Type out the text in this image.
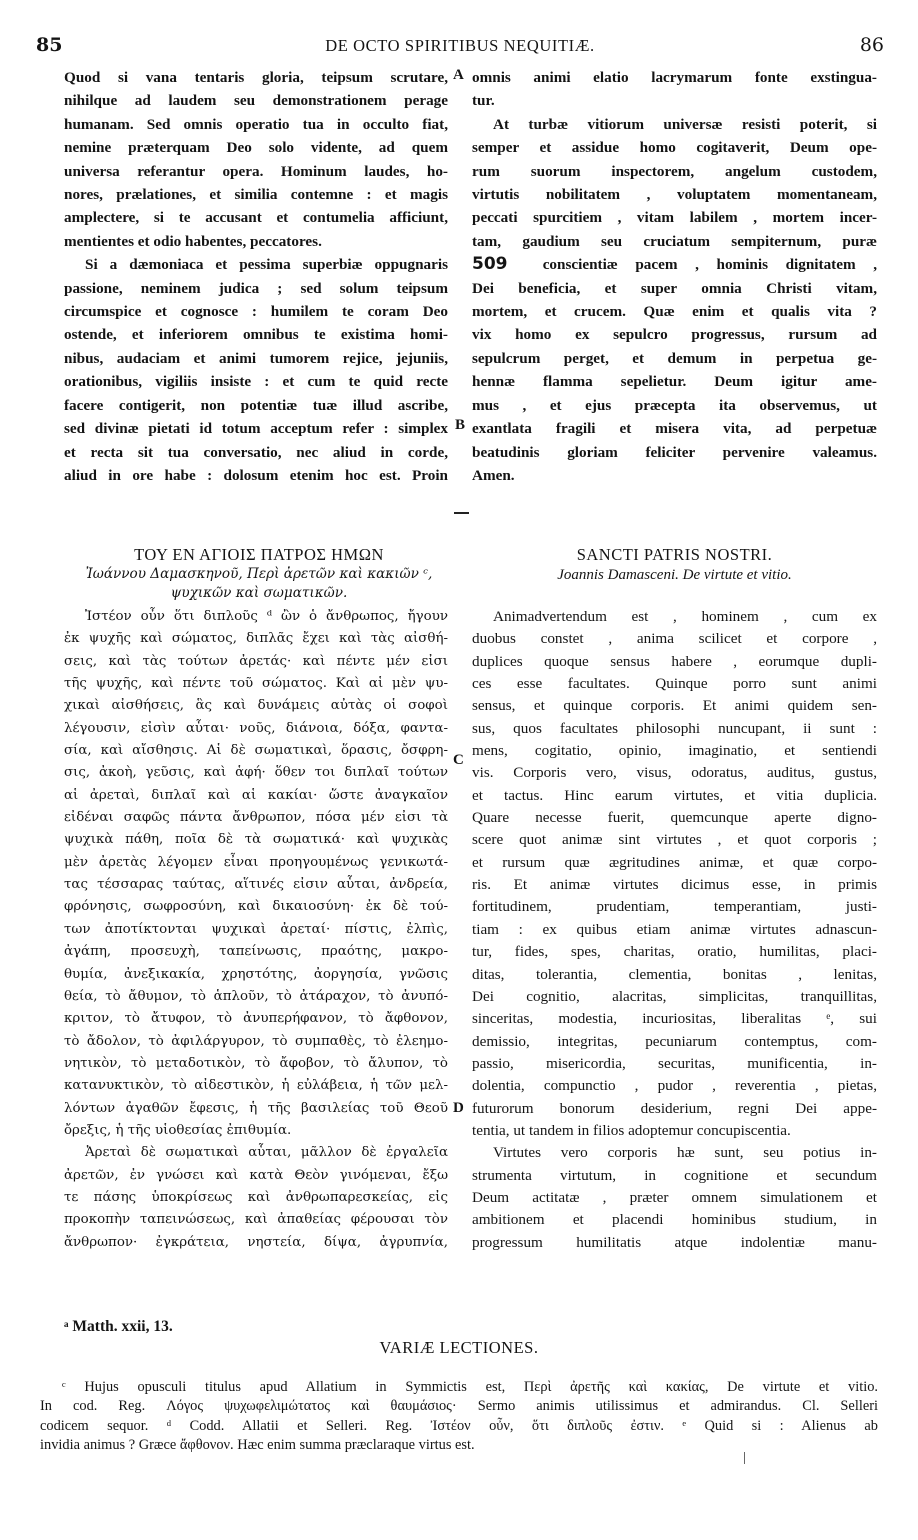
85	DE OCTO SPIRITIBUS NEQUITIÆ.	86
Quod si vana tentaris gloria, teipsum scrutare,
nihilque ad laudem seu demonstrationem perage
humanam. Sed omnis operatio tua in occulto fiat,
nemine præterquam Deo solo vidente, ad quem
universa referantur opera. Hominum laudes, ho-
nores, prælationes, et similia contemne : et magis
amplectere, si te accusant et contumelia afficiunt,
mentientes et odio habentes, peccatores.
Si a dæmoniaca et pessima superbiæ oppugnaris
passione, neminem judica ; sed solum teipsum
circumspice et cognosce : humilem te coram Deo
ostende, et inferiorem omnibus te existima homi-
nibus, audaciam et animi tumorem rejice, jejuniis,
orationibus, vigiliis insiste : et cum te quid recte
facere contigerit, non potentiæ tuæ illud ascribe,
sed divinæ pietati id totum acceptum refer : simplex
et recta sit tua conversatio, nec aliud in corde,
aliud in ore habe : dolosum etenim hoc est. Proin
omnis animi elatio lacrymarum fonte exstingua-
tur.
At turbæ vitiorum universæ resisti poterit, si
semper et assidue homo cogitaverit, Deum ope-
rum suorum inspectorem, angelum custodem,
virtutis nobilitatem , voluptatem momentaneam,
peccati spurcitiem , vitam labilem , mortem incer-
tam, gaudium seu cruciatum sempiternum, puræ
509 conscientiæ pacem , hominis dignitatem ,
Dei beneficia, et super omnia Christi vitam,
mortem, et crucem. Quæ enim et qualis vita ?
vix homo ex sepulcro progressus, rursum ad
sepulcrum perget, et demum in perpetua ge-
hennæ flamma sepelietur. Deum igitur ame-
mus , et ejus præcepta ita observemus, ut
exantlata fragili et misera vita, ad perpetuæ
beatudinis gloriam feliciter pervenire valeamus.
Amen.
A
B
C
D
ΤΟΥ ΕΝ ΑΓΙΟΙΣ ΠΑΤΡΟΣ ΗΜΩΝ
Ἰωάννου Δαμασκηνοῦ, Περὶ ἀρετῶν καὶ κακιῶν ᶜ,
ψυχικῶν καὶ σωματικῶν.
SANCTI PATRIS NOSTRI.
Joannis Damasceni. De virtute et vitio.
Ἰστέον οὖν ὅτι διπλοῦς ᵈ ὢν ὁ ἄνθρωπος, ἤγουν
ἐκ ψυχῆς καὶ σώματος, διπλᾶς ἔχει καὶ τὰς αἰσθή-
σεις, καὶ τὰς τούτων ἀρετάς· καὶ πέντε μέν εἰσι
τῆς ψυχῆς, καὶ πέντε τοῦ σώματος. Καὶ αἱ μὲν ψυ-
χικαὶ αἰσθήσεις, ἃς καὶ δυνάμεις αὐτὰς οἱ σοφοὶ
λέγουσιν, εἰσὶν αὗται· νοῦς, διάνοια, δόξα, φαντα-
σία, καὶ αἴσθησις. Αἱ δὲ σωματικαὶ, ὅρασις, ὄσφρη-
σις, ἀκοὴ, γεῦσις, καὶ ἁφή· ὅθεν τοι διπλαῖ τούτων
αἱ ἀρεταὶ, διπλαῖ καὶ αἱ κακίαι· ὥστε ἀναγκαῖον
εἰδέναι σαφῶς πάντα ἄνθρωπον, πόσα μέν εἰσι τὰ
ψυχικὰ πάθη, ποῖα δὲ τὰ σωματικά· καὶ ψυχικὰς
μὲν ἀρετὰς λέγομεν εἶναι προηγουμένως γενικωτά-
τας τέσσαρας ταύτας, αἵτινές εἰσιν αὗται, ἀνδρεία,
φρόνησις, σωφροσύνη, καὶ δικαιοσύνη· ἐκ δὲ τού-
των ἀποτίκτονται ψυχικαὶ ἀρεταί· πίστις, ἐλπὶς,
ἀγάπη, προσευχὴ, ταπείνωσις, πραότης, μακρο-
θυμία, ἀνεξικακία, χρηστότης, ἀοργησία, γνῶσις
θεία, τὸ ἄθυμον, τὸ ἁπλοῦν, τὸ ἀτάραχον, τὸ ἀνυπό-
κριτον, τὸ ἄτυφον, τὸ ἀνυπερήφανον, τὸ ἄφθονον,
τὸ ἄδολον, τὸ ἀφιλάργυρον, τὸ συμπαθὲς, τὸ ἐλεημο-
νητικὸν, τὸ μεταδοτικὸν, τὸ ἄφοβον, τὸ ἄλυπον, τὸ
κατανυκτικὸν, τὸ αἰδεστικὸν, ἡ εὐλάβεια, ἡ τῶν μελ-
λόντων ἀγαθῶν ἔφεσις, ἡ τῆς βασιλείας τοῦ Θεοῦ
ὄρεξις, ἡ τῆς υἱοθεσίας ἐπιθυμία.
Ἀρεταὶ δὲ σωματικαὶ αὗται, μᾶλλον δὲ ἐργαλεῖα
ἀρετῶν, ἐν γνώσει καὶ κατὰ Θεὸν γινόμεναι, ἔξω
τε πάσης ὑποκρίσεως καὶ ἀνθρωπαρεσκείας, εἰς
προκοπὴν ταπεινώσεως, καὶ ἀπαθείας φέρουσαι τὸν
ἄνθρωπον· ἐγκράτεια, νηστεία, δίψα, ἀγρυπνία,
Animadvertendum est , hominem , cum ex
duobus constet , anima scilicet et corpore ,
duplices quoque sensus habere , eorumque dupli-
ces esse facultates. Quinque porro sunt animi
sensus, et quinque corporis. Et animi quidem sen-
sus, quos facultates philosophi nuncupant, ii sunt :
mens, cogitatio, opinio, imaginatio, et sentiendi
vis. Corporis vero, visus, odoratus, auditus, gustus,
et tactus. Hinc earum virtutes, et vitia duplicia.
Quare necesse fuerit, quemcunque aperte digno-
scere quot animæ sint virtutes , et quot corporis ;
et rursum quæ ægritudines animæ, et quæ corpo-
ris. Et animæ virtutes dicimus esse, in primis
fortitudinem, prudentiam, temperantiam, justi-
tiam : ex quibus etiam animæ virtutes adnascun-
tur, fides, spes, charitas, oratio, humilitas, placi-
ditas, tolerantia, clementia, bonitas , lenitas,
Dei cognitio, alacritas, simplicitas, tranquillitas,
sinceritas, modestia, incuriositas, liberalitas ᵉ, sui
demissio, integritas, pecuniarum contemptus, com-
passio, misericordia, securitas, munificentia, in-
dolentia, compunctio , pudor , reverentia , pietas,
futurorum bonorum desiderium, regni Dei appe-
tentia, ut tandem in filios adoptemur concupiscentia.
Virtutes vero corporis hæ sunt, seu potius in-
strumenta virtutum, in cognitione et secundum
Deum actitatæ , præter omnem simulationem et
ambitionem et placendi hominibus studium, in
progressum humilitatis atque indolentiæ manu-
ᵃ Matth. xxii, 13.
VARIÆ LECTIONES.
ᶜ Hujus opusculi titulus apud Allatium in Symmictis est, Περὶ ἀρετῆς καὶ κακίας, De virtute et vitio.
In cod. Reg. Λόγος ψυχωφελιμώτατος καὶ θαυμάσιος· Sermo animis utilissimus et admirandus. Cl. Selleri
codicem sequor. ᵈ Codd. Allatii et Selleri. Reg. Ἰστέον οὖν, ὅτι διπλοῦς ἐστιν. ᵉ Quid si : Alienus ab
invidia animus ? Græce ἄφθονον. Hæc enim summa præclaraque virtus est.
